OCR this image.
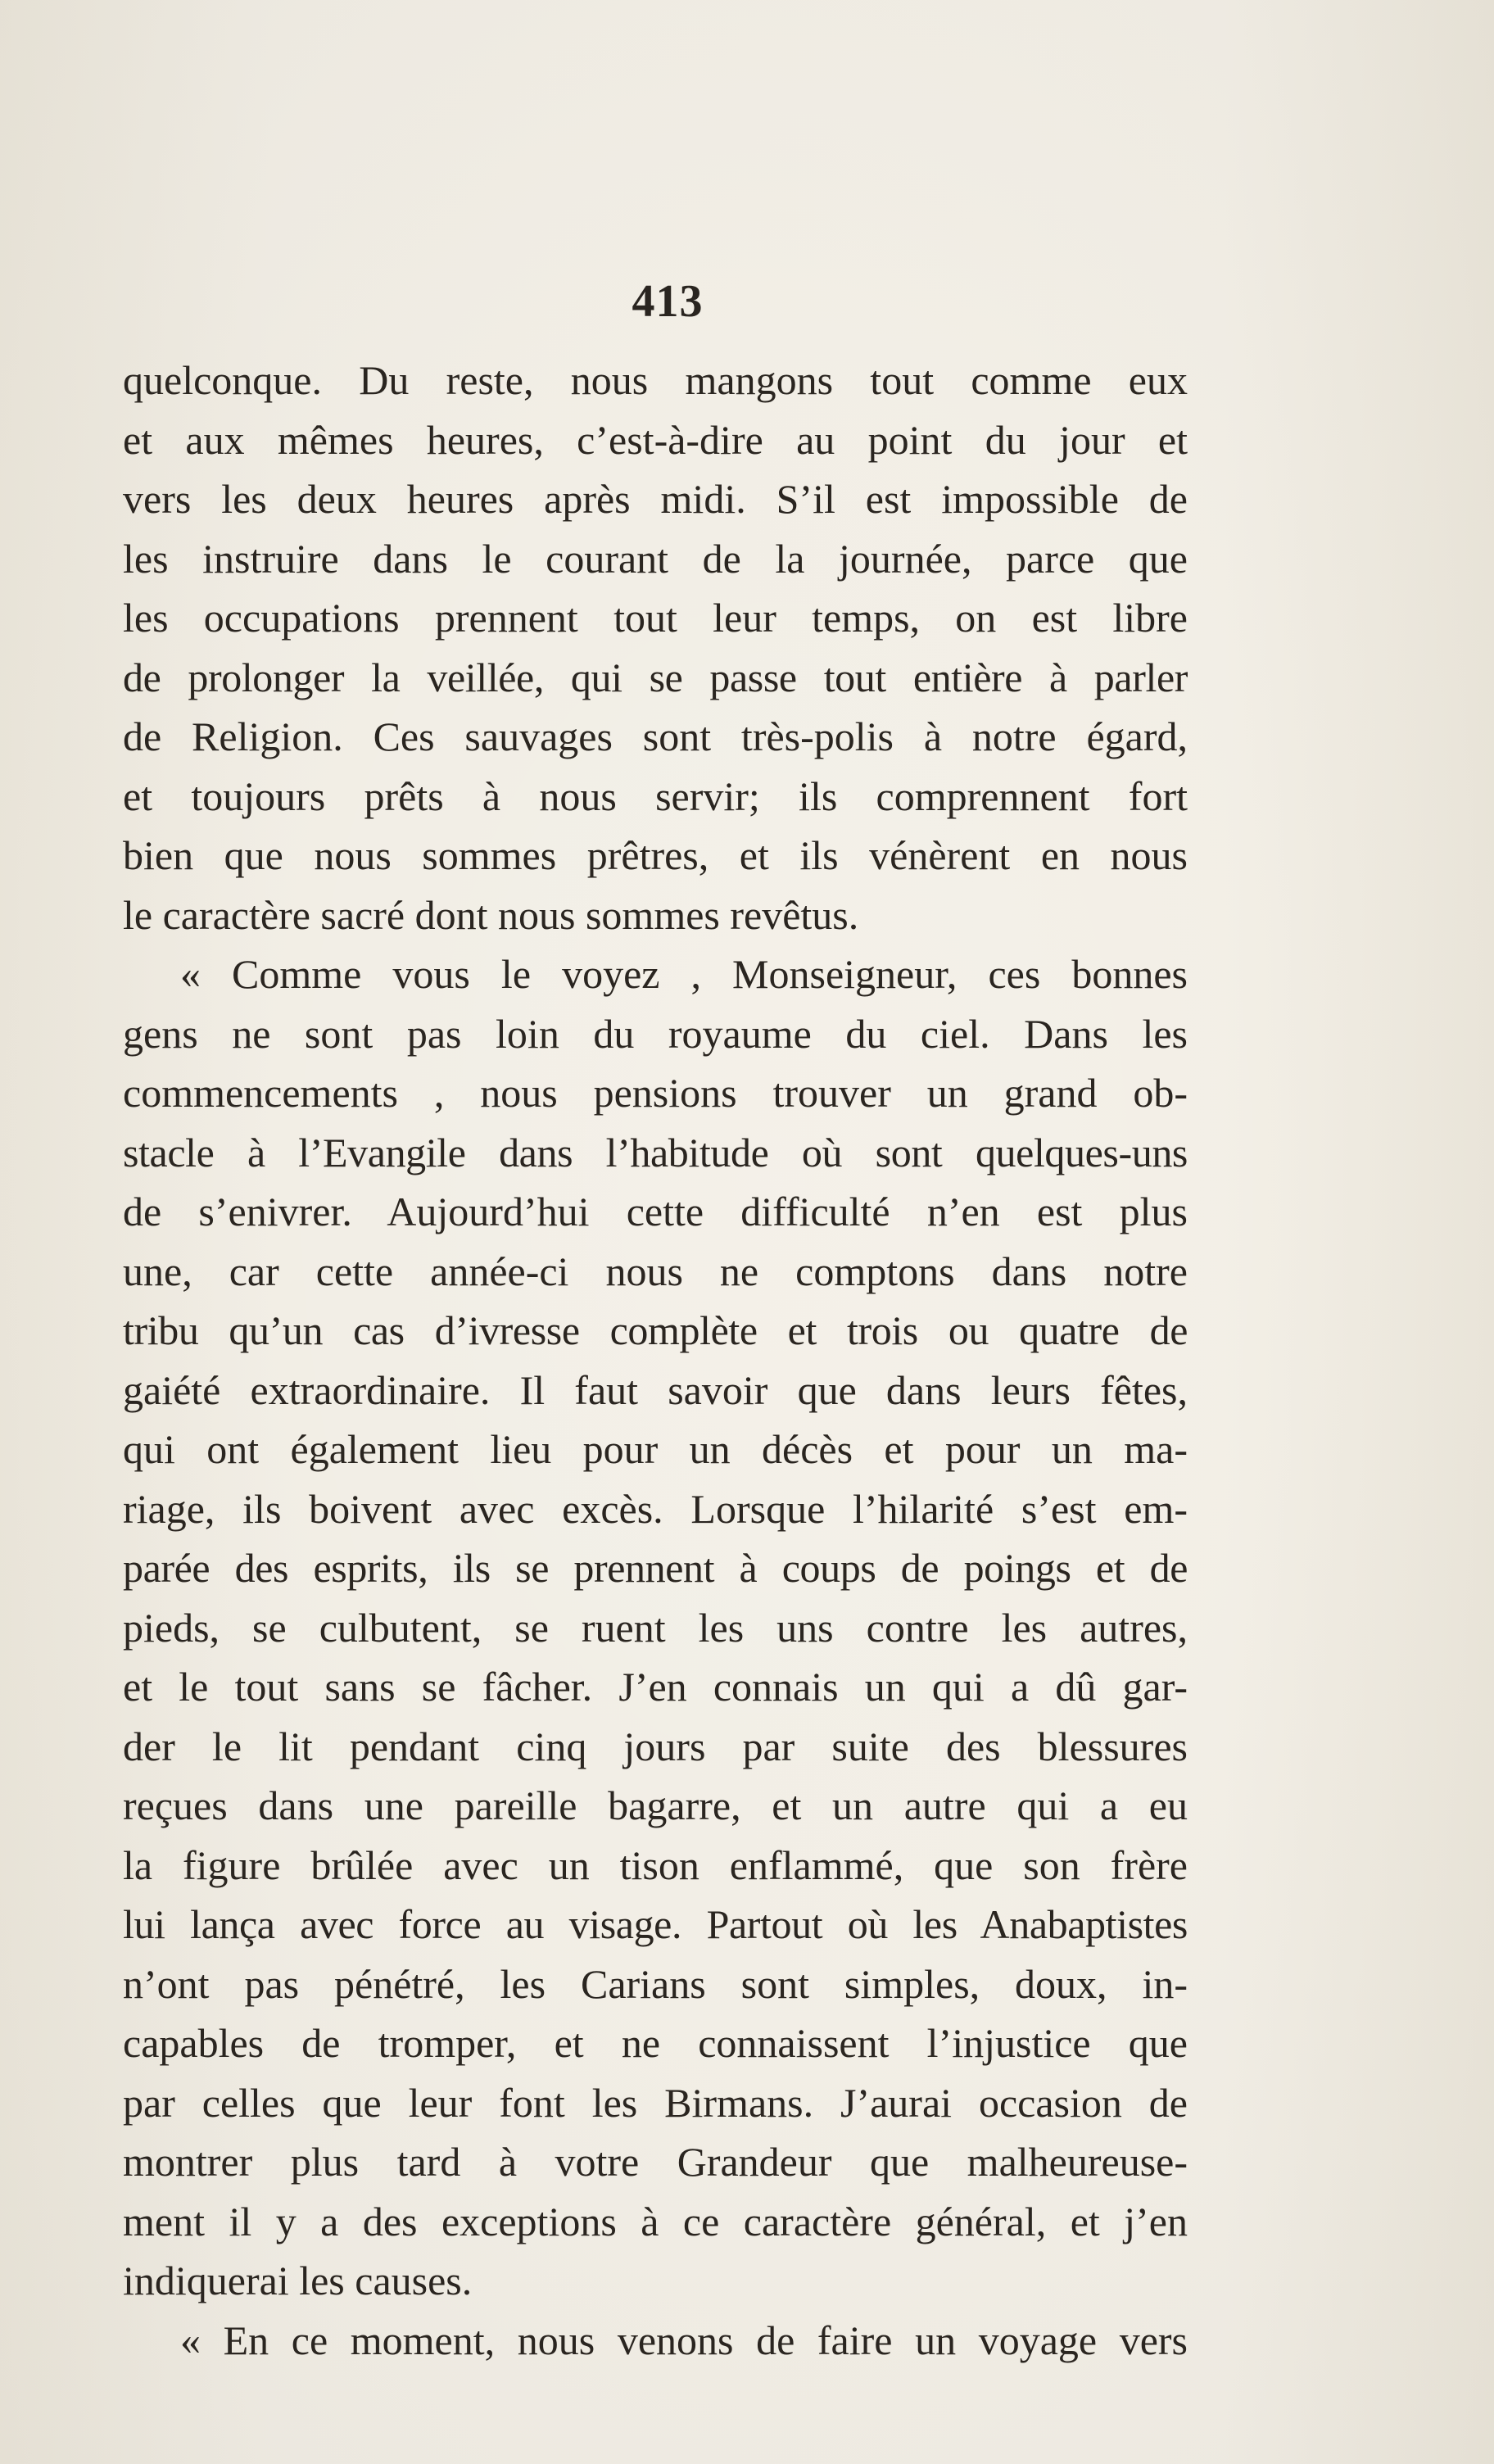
413
quelconque. Du reste, nous mangons tout comme eux
et aux mêmes heures, c’est-à-dire au point du jour et
vers les deux heures après midi. S’il est impossible de
les instruire dans le courant de la journée, parce que
les occupations prennent tout leur temps, on est libre
de prolonger la veillée, qui se passe tout entière à parler
de Religion. Ces sauvages sont très-polis à notre égard,
et toujours prêts à nous servir; ils comprennent fort
bien que nous sommes prêtres, et ils vénèrent en nous
le caractère sacré dont nous sommes revêtus.
« Comme vous le voyez , Monseigneur, ces bonnes
gens ne sont pas loin du royaume du ciel. Dans les
commencements , nous pensions trouver un grand ob-
stacle à l’Evangile dans l’habitude où sont quelques-uns
de s’enivrer. Aujourd’hui cette difficulté n’en est plus
une, car cette année-ci nous ne comptons dans notre
tribu qu’un cas d’ivresse complète et trois ou quatre de
gaiété extraordinaire. Il faut savoir que dans leurs fêtes,
qui ont également lieu pour un décès et pour un ma-
riage, ils boivent avec excès. Lorsque l’hilarité s’est em-
parée des esprits, ils se prennent à coups de poings et de
pieds, se culbutent, se ruent les uns contre les autres,
et le tout sans se fâcher. J’en connais un qui a dû gar-
der le lit pendant cinq jours par suite des blessures
reçues dans une pareille bagarre, et un autre qui a eu
la figure brûlée avec un tison enflammé, que son frère
lui lança avec force au visage. Partout où les Anabaptistes
n’ont pas pénétré, les Carians sont simples, doux, in-
capables de tromper, et ne connaissent l’injustice que
par celles que leur font les Birmans. J’aurai occasion de
montrer plus tard à votre Grandeur que malheureuse-
ment il y a des exceptions à ce caractère général, et j’en
indiquerai les causes.
« En ce moment, nous venons de faire un voyage vers
